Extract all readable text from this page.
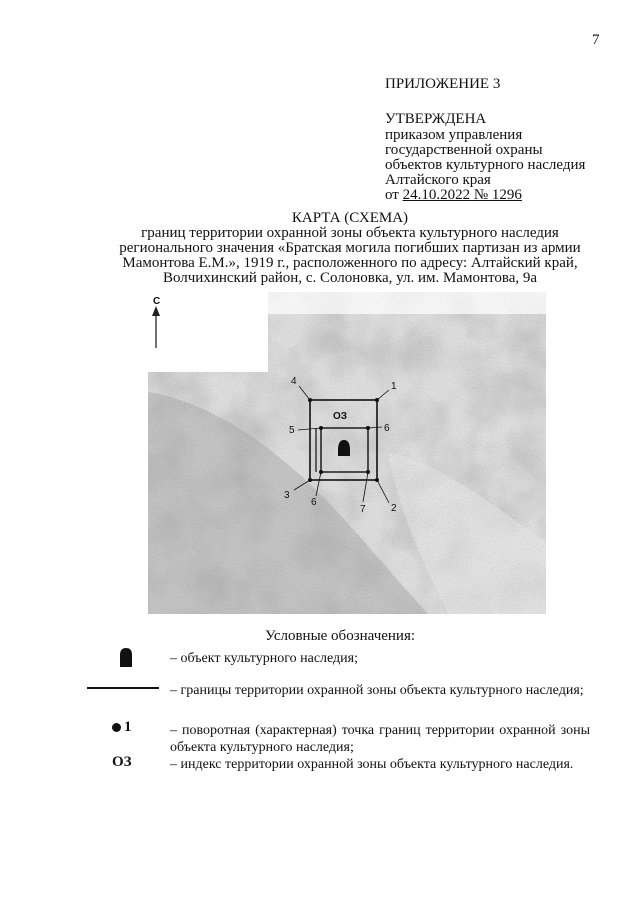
7
ПРИЛОЖЕНИЕ 3
УТВЕРЖДЕНА
приказом управления
государственной охраны
объектов культурного наследия
Алтайского края
от 24.10.2022 № 1296
КАРТА (СХЕМА)
границ территории охранной зоны объекта культурного наследия
регионального значения «Братская могила погибших партизан из армии
Мамонтова Е.М.», 1919 г., расположенного по адресу: Алтайский край,
Волчихинский район, с. Солоновка, ул. им. Мамонтова, 9а
С
ОЗ
1
2
3
4
5
6
7
6
Условные обозначения:
– объект культурного наследия;
– границы территории охранной зоны объекта культурного наследия;
1	– поворотная (характерная) точка границ территории охранной зоны объекта культурного наследия;
ОЗ	– индекс территории охранной зоны объекта культурного наследия.
